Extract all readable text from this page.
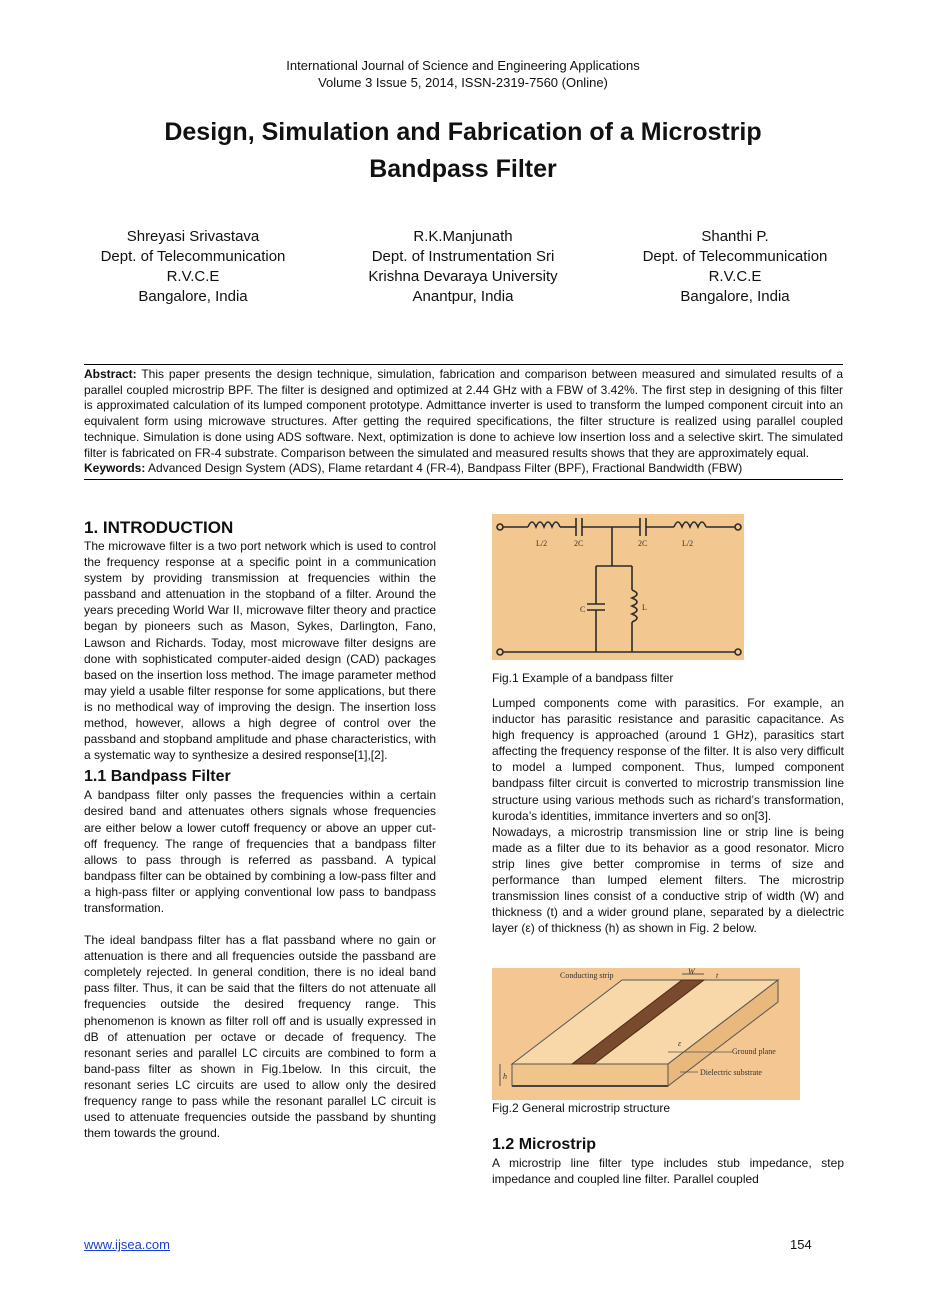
International Journal of Science and Engineering Applications
Volume 3 Issue 5, 2014, ISSN-2319-7560 (Online)
Design, Simulation and Fabrication of a Microstrip
Bandpass Filter
Shreyasi Srivastava
Dept. of Telecommunication
R.V.C.E
Bangalore, India
R.K.Manjunath
Dept. of Instrumentation Sri
Krishna Devaraya University
Anantpur, India
Shanthi P.
Dept. of Telecommunication
R.V.C.E
Bangalore, India

Abstract: This paper presents the design technique, simulation, fabrication and comparison between measured and simulated results of a parallel coupled microstrip BPF. The filter is designed and optimized at 2.44 GHz with a FBW of 3.42%. The first step in designing of this filter is approximated calculation of its lumped component prototype. Admittance inverter is used to transform the lumped component circuit into an equivalent form using microwave structures. After getting the required specifications, the filter structure is realized using parallel coupled technique. Simulation is done using ADS software. Next, optimization is done to achieve low insertion loss and a selective skirt. The simulated filter is fabricated on FR-4 substrate. Comparison between the simulated and measured results shows that they are approximately equal.

Keywords: Advanced Design System (ADS), Flame retardant 4 (FR-4), Bandpass Filter (BPF), Fractional Bandwidth (FBW)

1. INTRODUCTION

The microwave filter is a two port network which is used to control the frequency response at a specific point in a communication system by providing transmission at frequencies within the passband and attenuation in the stopband of a filter. Around the years preceding World War II, microwave filter theory and practice began by pioneers such as Mason, Sykes, Darlington, Fano, Lawson and Richards. Today, most microwave filter designs are done with sophisticated computer-aided design (CAD) packages based on the insertion loss method. The image parameter method may yield a usable filter response for some applications, but there is no methodical way of improving the design. The insertion loss method, however, allows a high degree of control over the passband and stopband amplitude and phase characteristics, with a systematic way to synthesize a desired response[1],[2].

1.1 Bandpass Filter

A bandpass filter only passes the frequencies within a certain desired band and attenuates others signals whose frequencies are either below a lower cutoff frequency or above an upper cut-off frequency. The range of frequencies that a bandpass filter allows to pass through is referred as passband. A typical bandpass filter can be obtained by combining a low-pass filter and a high-pass filter or applying conventional low pass to bandpass transformation.

The ideal bandpass filter has a flat passband where no gain or attenuation is there and all frequencies outside the passband are completely rejected. In general condition, there is no ideal band pass filter. Thus, it can be said that the filters do not attenuate all frequencies outside the desired frequency range. This phenomenon is known as filter roll off and is usually expressed in dB of attenuation per octave or decade of frequency. The resonant series and parallel LC circuits are combined to form a band-pass filter as shown in Fig.1below. In this circuit, the resonant series LC circuits are used to allow only the desired frequency range to pass while the resonant parallel LC circuit is used to attenuate frequencies outside the passband by shunting them towards the ground.

L/2	2C	2C	L/2
C	L
Fig.1 Example of a bandpass filter

Lumped components come with parasitics. For example, an inductor has parasitic resistance and parasitic capacitance. As high frequency is approached (around 1 GHz), parasitics start affecting the frequency response of the filter. It is also very difficult to model a lumped component. Thus, lumped component bandpass filter circuit is converted to microstrip transmission line structure using various methods such as richard’s transformation, kuroda’s identities, immitance inverters and so on[3].

Nowadays, a microstrip transmission line or strip line is being made as a filter due to its behavior as a good resonator. Micro strip lines give better compromise in terms of size and performance than lumped element filters. The microstrip transmission lines consist of a conductive strip of width (W) and thickness (t) and a wider ground plane, separated by a dielectric layer (ε) of thickness (h) as shown in Fig. 2 below.

Conducting strip	W	t
Ground plane
ε
Dielectric substrate
h
Fig.2 General microstrip structure
1.2 Microstrip

A microstrip line filter type includes stub impedance, step impedance and coupled line filter. Parallel coupled

www.ijsea.com	154
